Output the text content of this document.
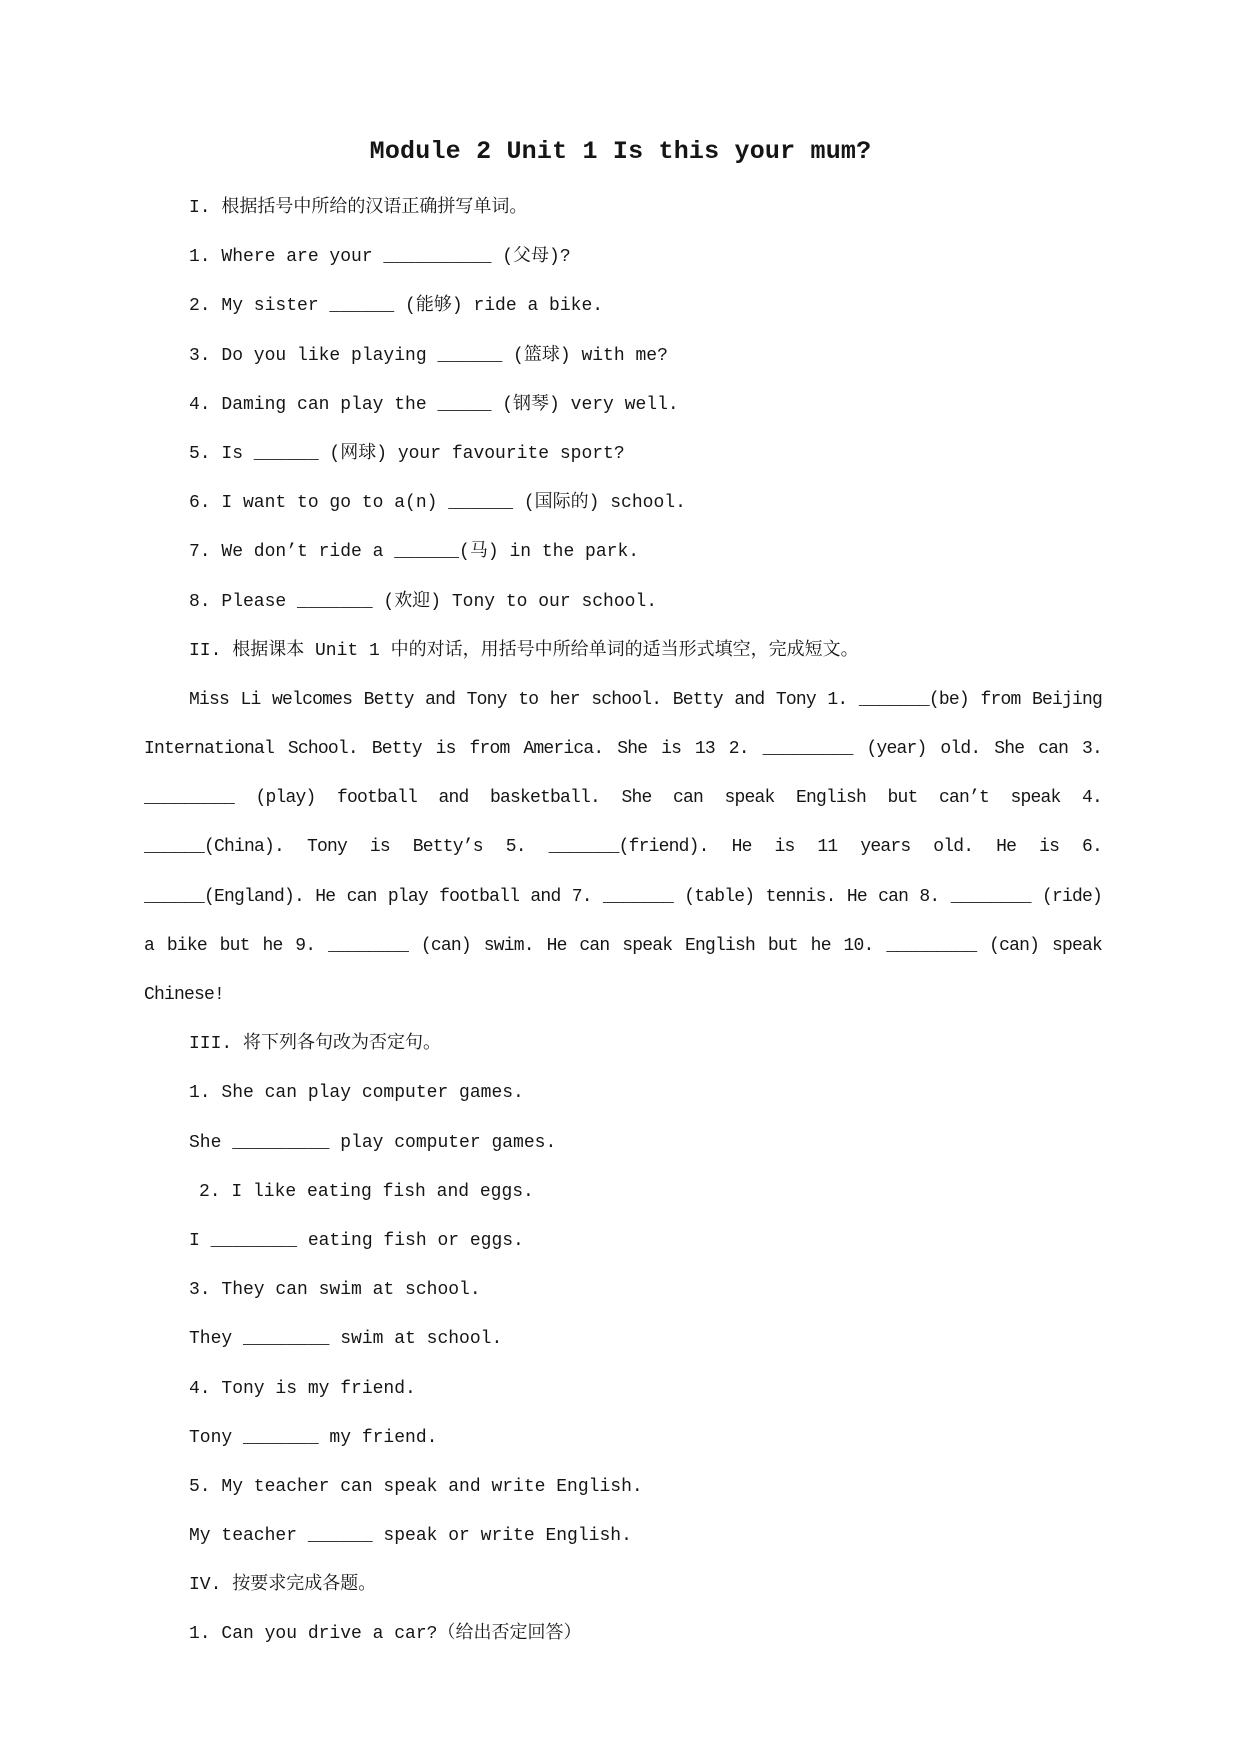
Module 2 Unit 1 Is this your mum?
I. 根据括号中所给的汉语正确拼写单词。
1. Where are your __________ (父母)?
2. My sister ______ (能够) ride a bike.
3. Do you like playing ______ (篮球) with me?
4. Daming can play the _____ (钢琴) very well.
5. Is ______ (网球) your favourite sport?
6. I want to go to a(n) ______ (国际的) school.
7. We don’t ride a ______(马) in the park.
8. Please _______ (欢迎) Tony to our school.
II. 根据课本 Unit 1 中的对话，用括号中所给单词的适当形式填空，完成短文。
Miss Li welcomes Betty and Tony to her school. Betty and Tony 1. _______(be) from Beijing
International School. Betty is from America. She is 13 2. _________ (year) old. She can 3.
_________ (play) football and basketball. She can speak English but can’t speak 4.
______(China). Tony is Betty’s 5. _______(friend). He is 11 years old. He is 6.
______(England). He can play football and 7. _______ (table) tennis. He can 8. ________ (ride)
a bike but he 9. ________ (can) swim. He can speak English but he 10. _________ (can) speak
Chinese!
III. 将下列各句改为否定句。
1. She can play computer games.
She _________ play computer games.
2. I like eating fish and eggs.
I ________ eating fish or eggs.
3. They can swim at school.
They ________ swim at school.
4. Tony is my friend.
Tony _______ my friend.
5. My teacher can speak and write English.
My teacher ______ speak or write English.
IV. 按要求完成各题。
1. Can you drive a car?（给出否定回答）
